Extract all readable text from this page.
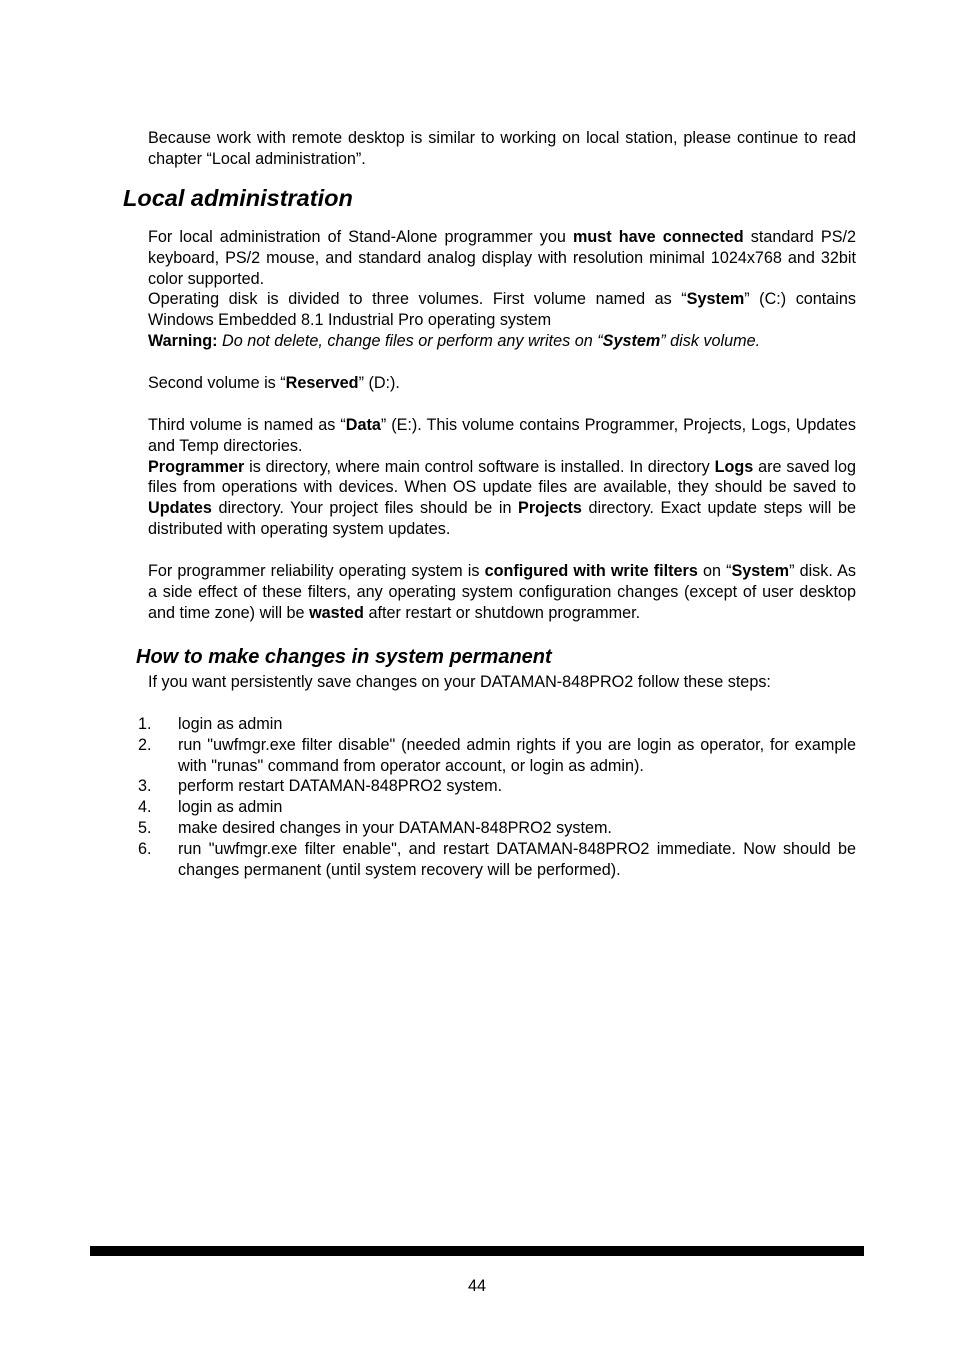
Because work with remote desktop is similar to working on local station, please continue to read chapter “Local administration”.

Local administration

For local administration of Stand-Alone programmer you must have connected standard PS/2 keyboard, PS/2 mouse, and standard analog display with resolution minimal 1024x768 and 32bit color supported.
Operating disk is divided to three volumes. First volume named as “System” (C:) contains Windows Embedded 8.1 Industrial Pro operating system
Warning: Do not delete, change files or perform any writes on “System” disk volume.

Second volume is “Reserved” (D:).

Third volume is named as “Data” (E:). This volume contains Programmer, Projects, Logs, Updates and Temp directories.
Programmer is directory, where main control software is installed. In directory Logs are saved log files from operations with devices. When OS update files are available, they should be saved to Updates directory. Your project files should be in Projects directory. Exact update steps will be distributed with operating system updates.

For programmer reliability operating system is configured with write filters on “System” disk. As a side effect of these filters, any operating system configuration changes (except of user desktop and time zone) will be wasted after restart or shutdown programmer.

How to make changes in system permanent

If you want persistently save changes on your DATAMAN-848PRO2 follow these steps:

1.	login as admin
2.	run "uwfmgr.exe filter disable" (needed admin rights if you are login as operator, for example with "runas" command from operator account, or login as admin).
3.	perform restart DATAMAN-848PRO2 system.
4.	login as admin
5.	make desired changes in your DATAMAN-848PRO2 system.
6.	run "uwfmgr.exe filter enable", and restart DATAMAN-848PRO2 immediate. Now should be changes permanent (until system recovery will be performed).
44
